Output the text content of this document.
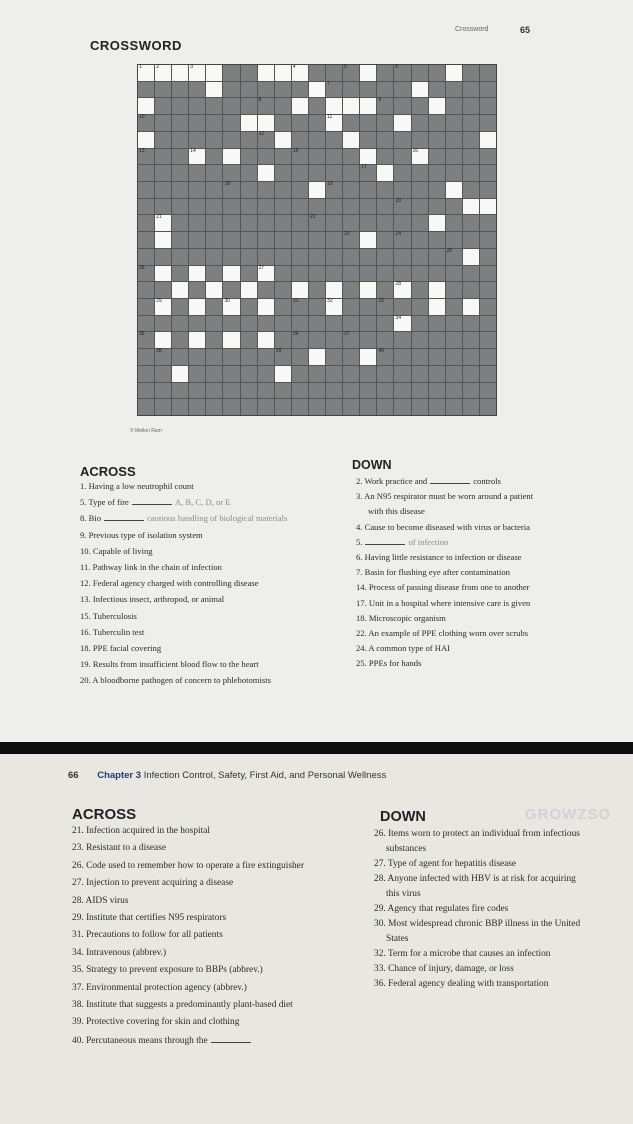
Crossword	65
CROSSWORD
1	2	3	4	5	6
7
8	9
10	11
12
13	14	15	16
17
18	19
20
21	22
23	24
25
26	27
28
29	30	31	32	33
34
35	36	37
38	39	40
© Mellon Ram
ACROSS	DOWN
1. Having a low neutrophil count
5. Type of fire	A, B, C, D, or E
8. Bio	cautious handling of biological materials
9. Previous type of isolation system
10. Capable of living
11. Pathway link in the chain of infection
12. Federal agency charged with controlling disease
13. Infectious insect, arthropod, or animal
15. Tuberculosis
16. Tuberculin test
18. PPE facial covering
19. Results from insufficient blood flow to the heart
20. A bloodborne pathogen of concern to phlebotomists
2. Work practice and	controls
3. An N95 respirator must be worn around a patient
with this disease
4. Cause to become diseased with virus or bacteria
5.	of infection
6. Having little resistance to infection or disease
7. Basin for flushing eye after contamination
14. Process of passing disease from one to another
17. Unit in a hospital where intensive care is given
18. Microscopic organism
22. An example of PPE clothing worn over scrubs
24. A common type of HAI
25. PPEs for hands
66 Chapter 3 Infection Control, Safety, First Aid, and Personal Wellness
GROWZSO
ACROSS	DOWN
21. Infection acquired in the hospital
23. Resistant to a disease
26. Code used to remember how to operate a fire extinguisher
27. Injection to prevent acquiring a disease
28. AIDS virus
29. Institute that certifies N95 respirators
31. Precautions to follow for all patients
34. Intravenous (abbrev.)
35. Strategy to prevent exposure to BBPs (abbrev.)
37. Environmental protection agency (abbrev.)
38. Institute that suggests a predominantly plant-based diet
39. Protective covering for skin and clothing
40. Percutaneous means through the
26. Items worn to protect an individual from infectious
substances
27. Type of agent for hepatitis disease
28. Anyone infected with HBV is at risk for acquiring
this virus
29. Agency that regulates fire codes
30. Most widespread chronic BBP illness in the United
States
32. Term for a microbe that causes an infection
33. Chance of injury, damage, or loss
36. Federal agency dealing with transportation
